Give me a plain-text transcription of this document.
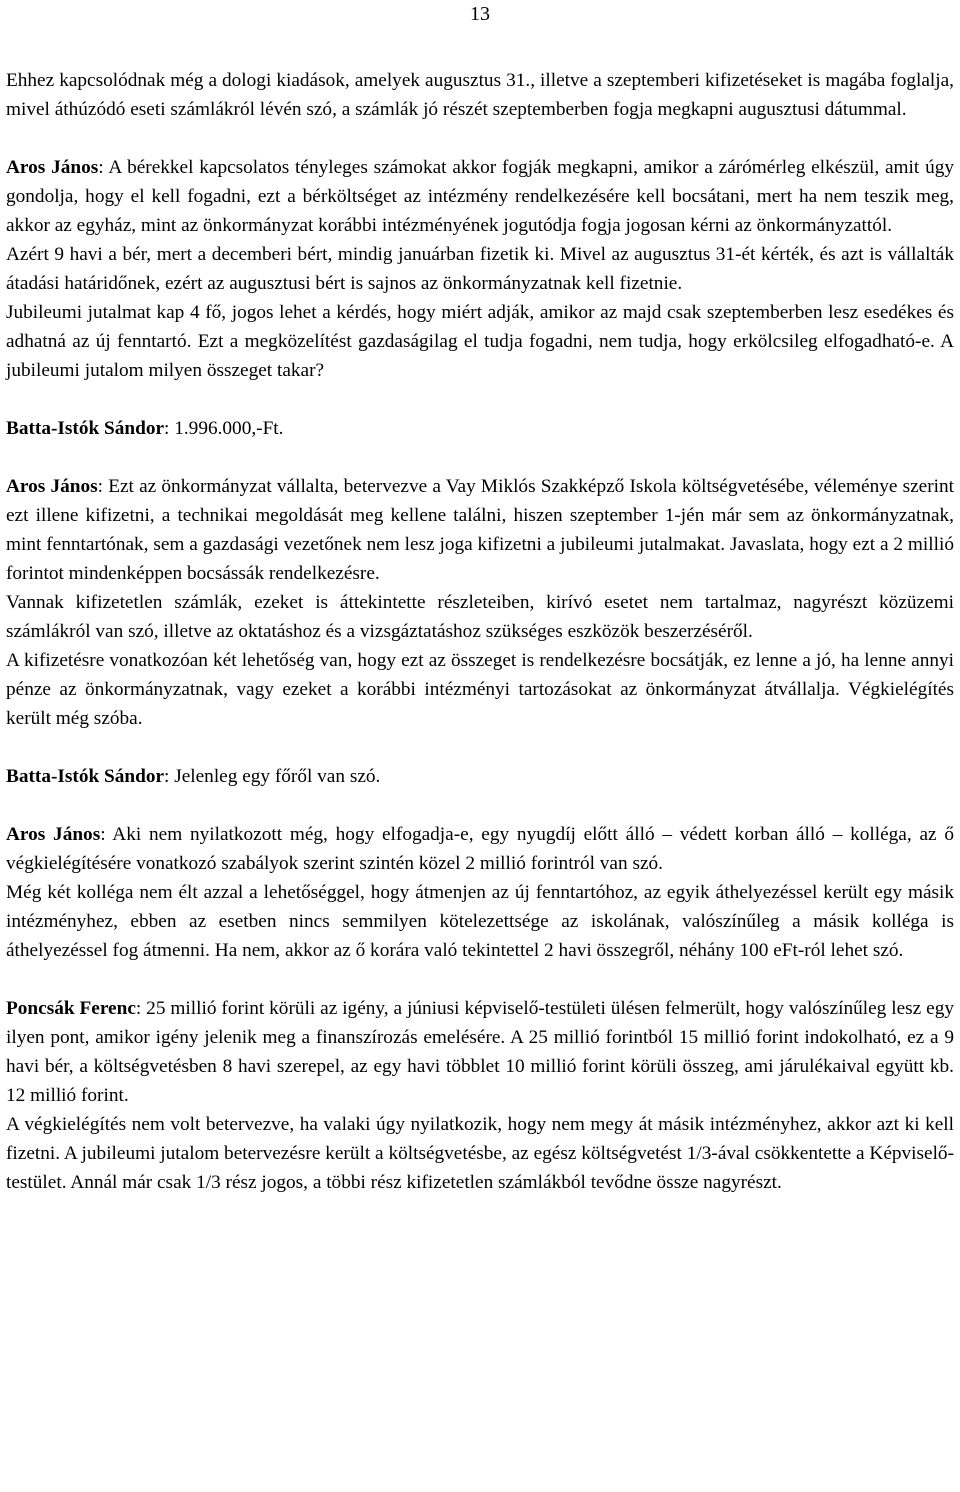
13

Ehhez kapcsolódnak még a dologi kiadások, amelyek augusztus 31., illetve a szeptemberi kifizetéseket is magába foglalja, mivel áthúzódó eseti számlákról lévén szó, a számlák jó részét szeptemberben fogja megkapni augusztusi dátummal.

Aros János: A bérekkel kapcsolatos tényleges számokat akkor fogják megkapni, amikor a zárómérleg elkészül, amit úgy gondolja, hogy el kell fogadni, ezt a bérköltséget az intézmény rendelkezésére kell bocsátani, mert ha nem teszik meg, akkor az egyház, mint az önkormányzat korábbi intézményének jogutódja fogja jogosan kérni az önkormányzattól.

Azért 9 havi a bér, mert a decemberi bért, mindig januárban fizetik ki. Mivel az augusztus 31-ét kérték, és azt is vállalták átadási határidőnek, ezért az augusztusi bért is sajnos az önkormányzatnak kell fizetnie.

Jubileumi jutalmat kap 4 fő, jogos lehet a kérdés, hogy miért adják, amikor az majd csak szeptemberben lesz esedékes és adhatná az új fenntartó. Ezt a megközelítést gazdaságilag el tudja fogadni, nem tudja, hogy erkölcsileg elfogadható-e. A jubileumi jutalom milyen összeget takar?

Batta-Istók Sándor: 1.996.000,-Ft.

Aros János: Ezt az önkormányzat vállalta, betervezve a Vay Miklós Szakképző Iskola költségvetésébe, véleménye szerint ezt illene kifizetni, a technikai megoldását meg kellene találni, hiszen szeptember 1-jén már sem az önkormányzatnak, mint fenntartónak, sem a gazdasági vezetőnek nem lesz joga kifizetni a jubileumi jutalmakat. Javaslata, hogy ezt a 2 millió forintot mindenképpen bocsássák rendelkezésre.

Vannak kifizetetlen számlák, ezeket is áttekintette részleteiben, kirívó esetet nem tartalmaz, nagyrészt közüzemi számlákról van szó, illetve az oktatáshoz és a vizsgáztatáshoz szükséges eszközök beszerzéséről.

A kifizetésre vonatkozóan két lehetőség van, hogy ezt az összeget is rendelkezésre bocsátják, ez lenne a jó, ha lenne annyi pénze az önkormányzatnak, vagy ezeket a korábbi intézményi tartozásokat az önkormányzat átvállalja. Végkielégítés került még szóba.

Batta-Istók Sándor: Jelenleg egy főről van szó.

Aros János: Aki nem nyilatkozott még, hogy elfogadja-e, egy nyugdíj előtt álló – védett korban álló – kolléga, az ő végkielégítésére vonatkozó szabályok szerint szintén közel 2 millió forintról van szó.

Még két kolléga nem élt azzal a lehetőséggel, hogy átmenjen az új fenntartóhoz, az egyik áthelyezéssel került egy másik intézményhez, ebben az esetben nincs semmilyen kötelezettsége az iskolának, valószínűleg a másik kolléga is áthelyezéssel fog átmenni. Ha nem, akkor az ő korára való tekintettel 2 havi összegről, néhány 100 eFt-ról lehet szó.

Poncsák Ferenc: 25 millió forint körüli az igény, a júniusi képviselő-testületi ülésen felmerült, hogy valószínűleg lesz egy ilyen pont, amikor igény jelenik meg a finanszírozás emelésére. A 25 millió forintból 15 millió forint indokolható, ez a 9 havi bér, a költségvetésben 8 havi szerepel, az egy havi többlet 10 millió forint körüli összeg, ami járulékaival együtt kb. 12 millió forint.

A végkielégítés nem volt betervezve, ha valaki úgy nyilatkozik, hogy nem megy át másik intézményhez, akkor azt ki kell fizetni. A jubileumi jutalom betervezésre került a költségvetésbe, az egész költségvetést 1/3-ával csökkentette a Képviselő-testület. Annál már csak 1/3 rész jogos, a többi rész kifizetetlen számlákból tevődne össze nagyrészt.
